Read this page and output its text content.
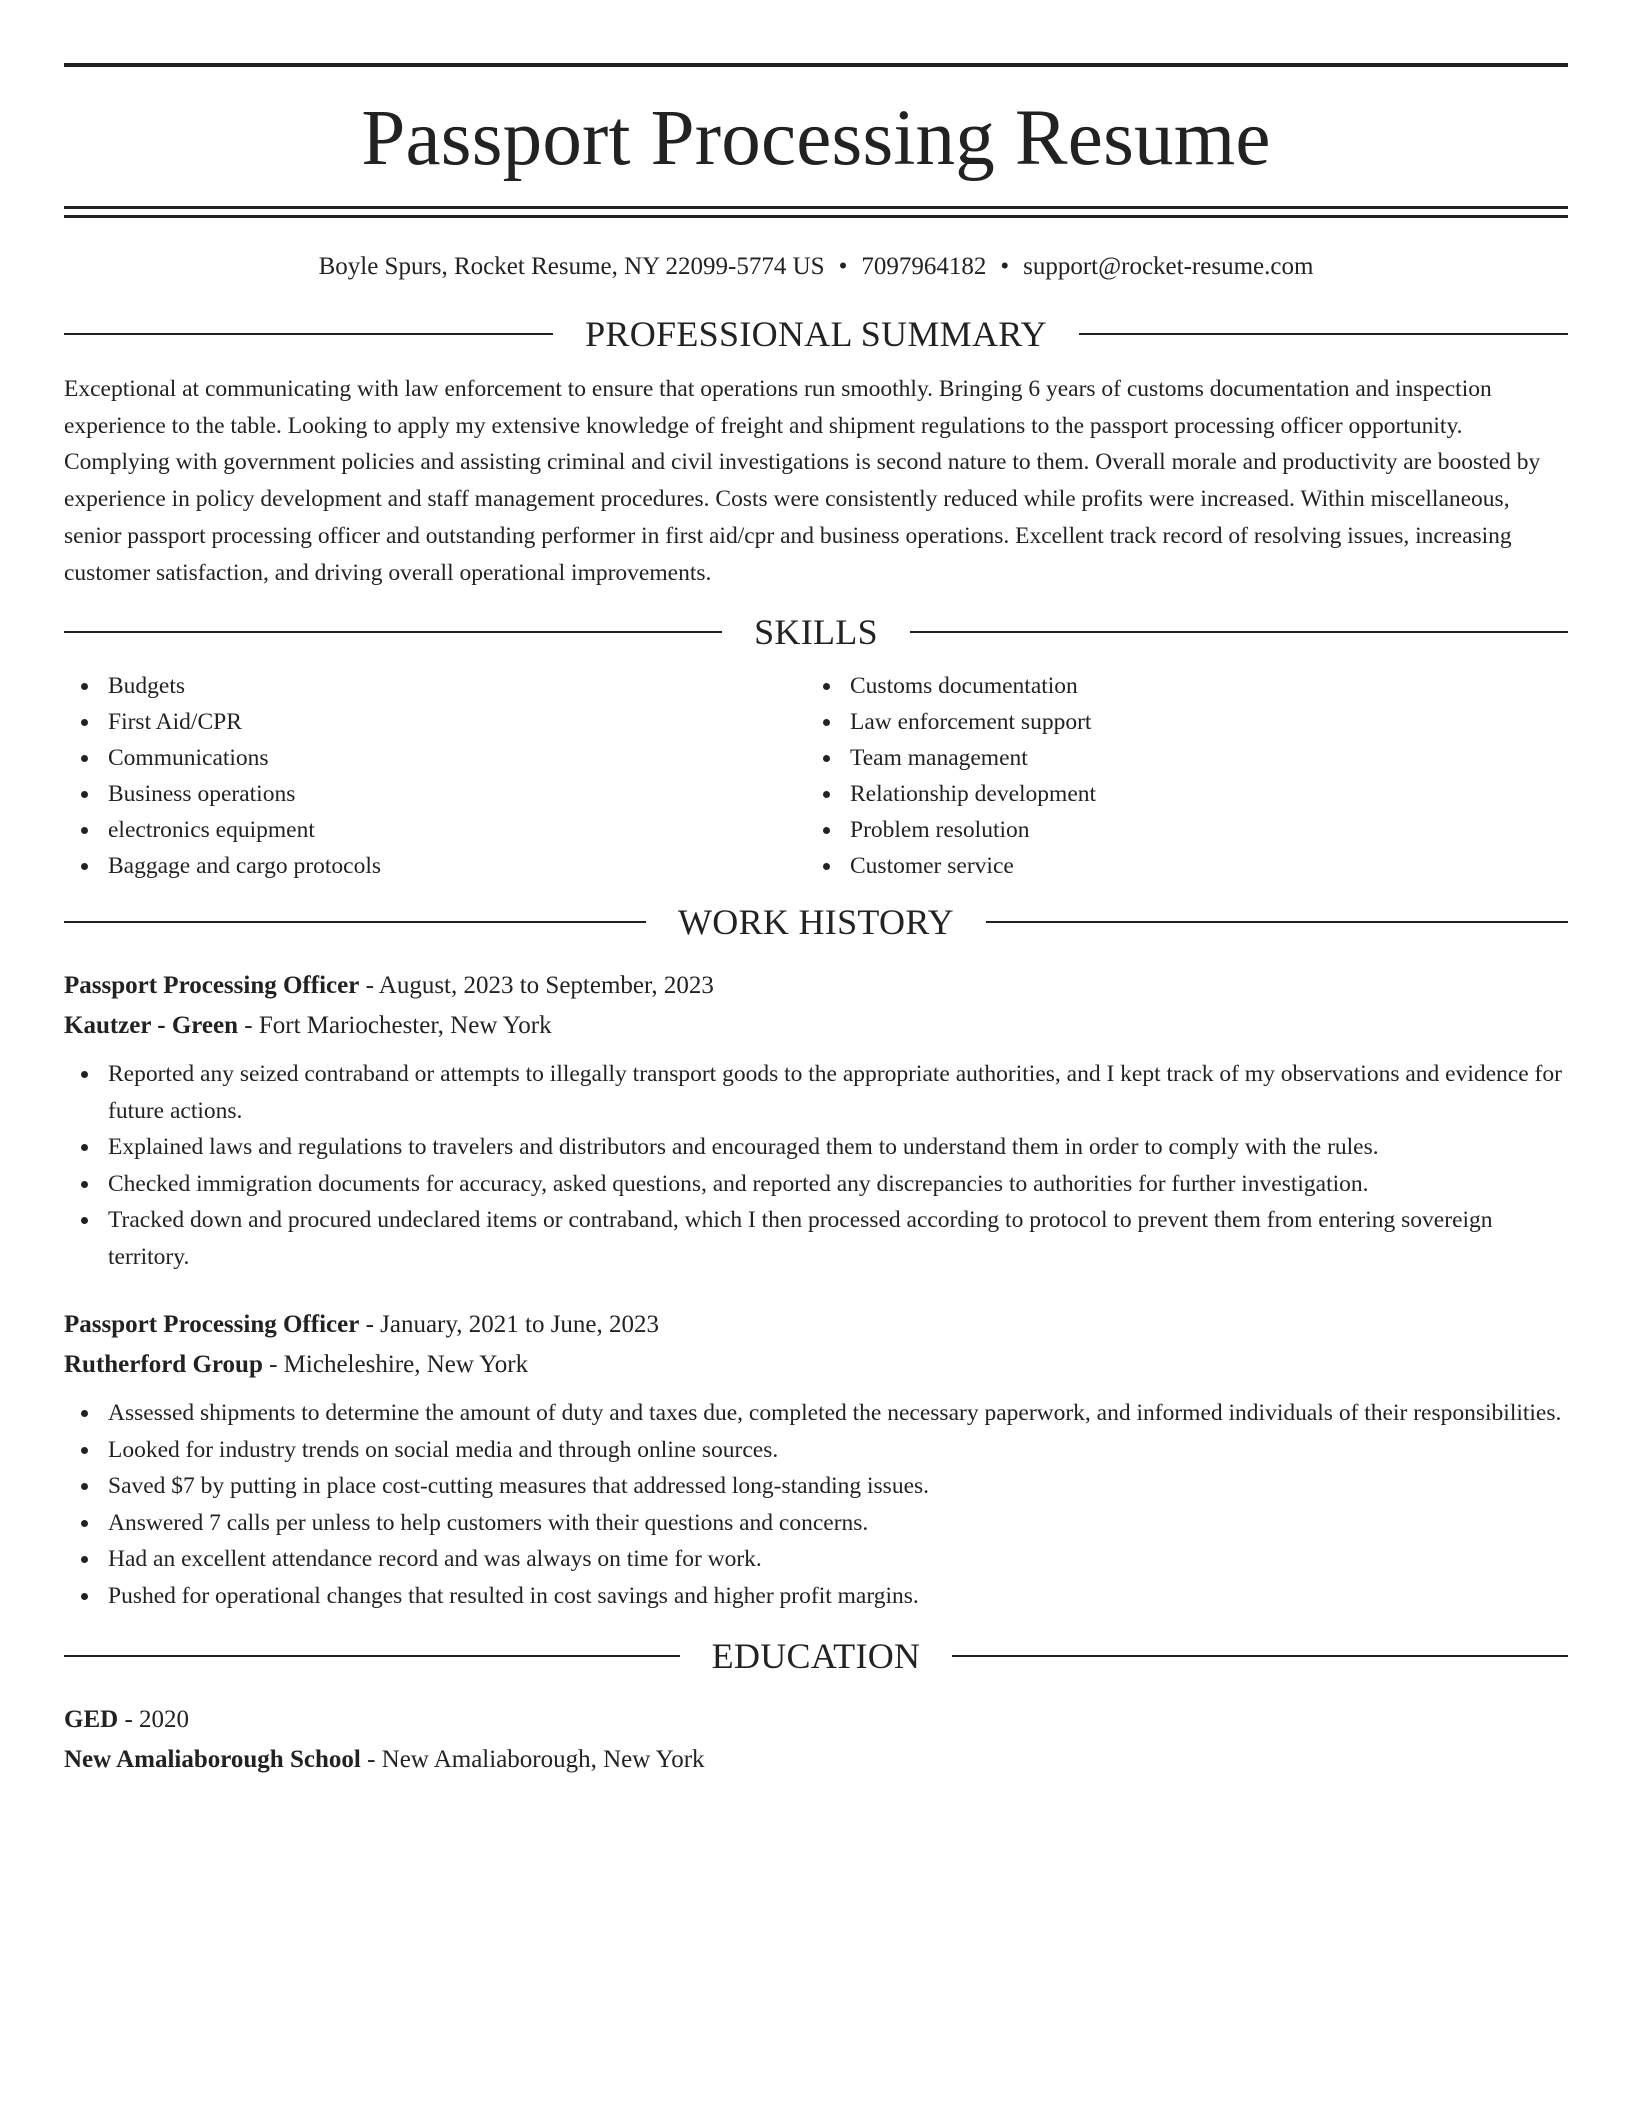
Passport Processing Resume
Boyle Spurs, Rocket Resume, NY 22099-5774 US • 7097964182 • support@rocket-resume.com
PROFESSIONAL SUMMARY

Exceptional at communicating with law enforcement to ensure that operations run smoothly. Bringing 6 years of customs documentation and inspection experience to the table. Looking to apply my extensive knowledge of freight and shipment regulations to the passport processing officer opportunity. Complying with government policies and assisting criminal and civil investigations is second nature to them. Overall morale and productivity are boosted by experience in policy development and staff management procedures. Costs were consistently reduced while profits were increased. Within miscellaneous, senior passport processing officer and outstanding performer in first aid/cpr and business operations. Excellent track record of resolving issues, increasing customer satisfaction, and driving overall operational improvements.

SKILLS
Budgets
First Aid/CPR
Communications
Business operations
electronics equipment
Baggage and cargo protocols
Customs documentation
Law enforcement support
Team management
Relationship development
Problem resolution
Customer service
WORK HISTORY
Passport Processing Officer - August, 2023 to September, 2023
Kautzer - Green - Fort Mariochester, New York
Reported any seized contraband or attempts to illegally transport goods to the appropriate authorities, and I kept track of my observations and evidence for future actions.
Explained laws and regulations to travelers and distributors and encouraged them to understand them in order to comply with the rules.
Checked immigration documents for accuracy, asked questions, and reported any discrepancies to authorities for further investigation.
Tracked down and procured undeclared items or contraband, which I then processed according to protocol to prevent them from entering sovereign territory.
Passport Processing Officer - January, 2021 to June, 2023
Rutherford Group - Micheleshire, New York
Assessed shipments to determine the amount of duty and taxes due, completed the necessary paperwork, and informed individuals of their responsibilities.
Looked for industry trends on social media and through online sources.
Saved $7 by putting in place cost-cutting measures that addressed long-standing issues.
Answered 7 calls per unless to help customers with their questions and concerns.
Had an excellent attendance record and was always on time for work.
Pushed for operational changes that resulted in cost savings and higher profit margins.
EDUCATION
GED - 2020
New Amaliaborough School - New Amaliaborough, New York
